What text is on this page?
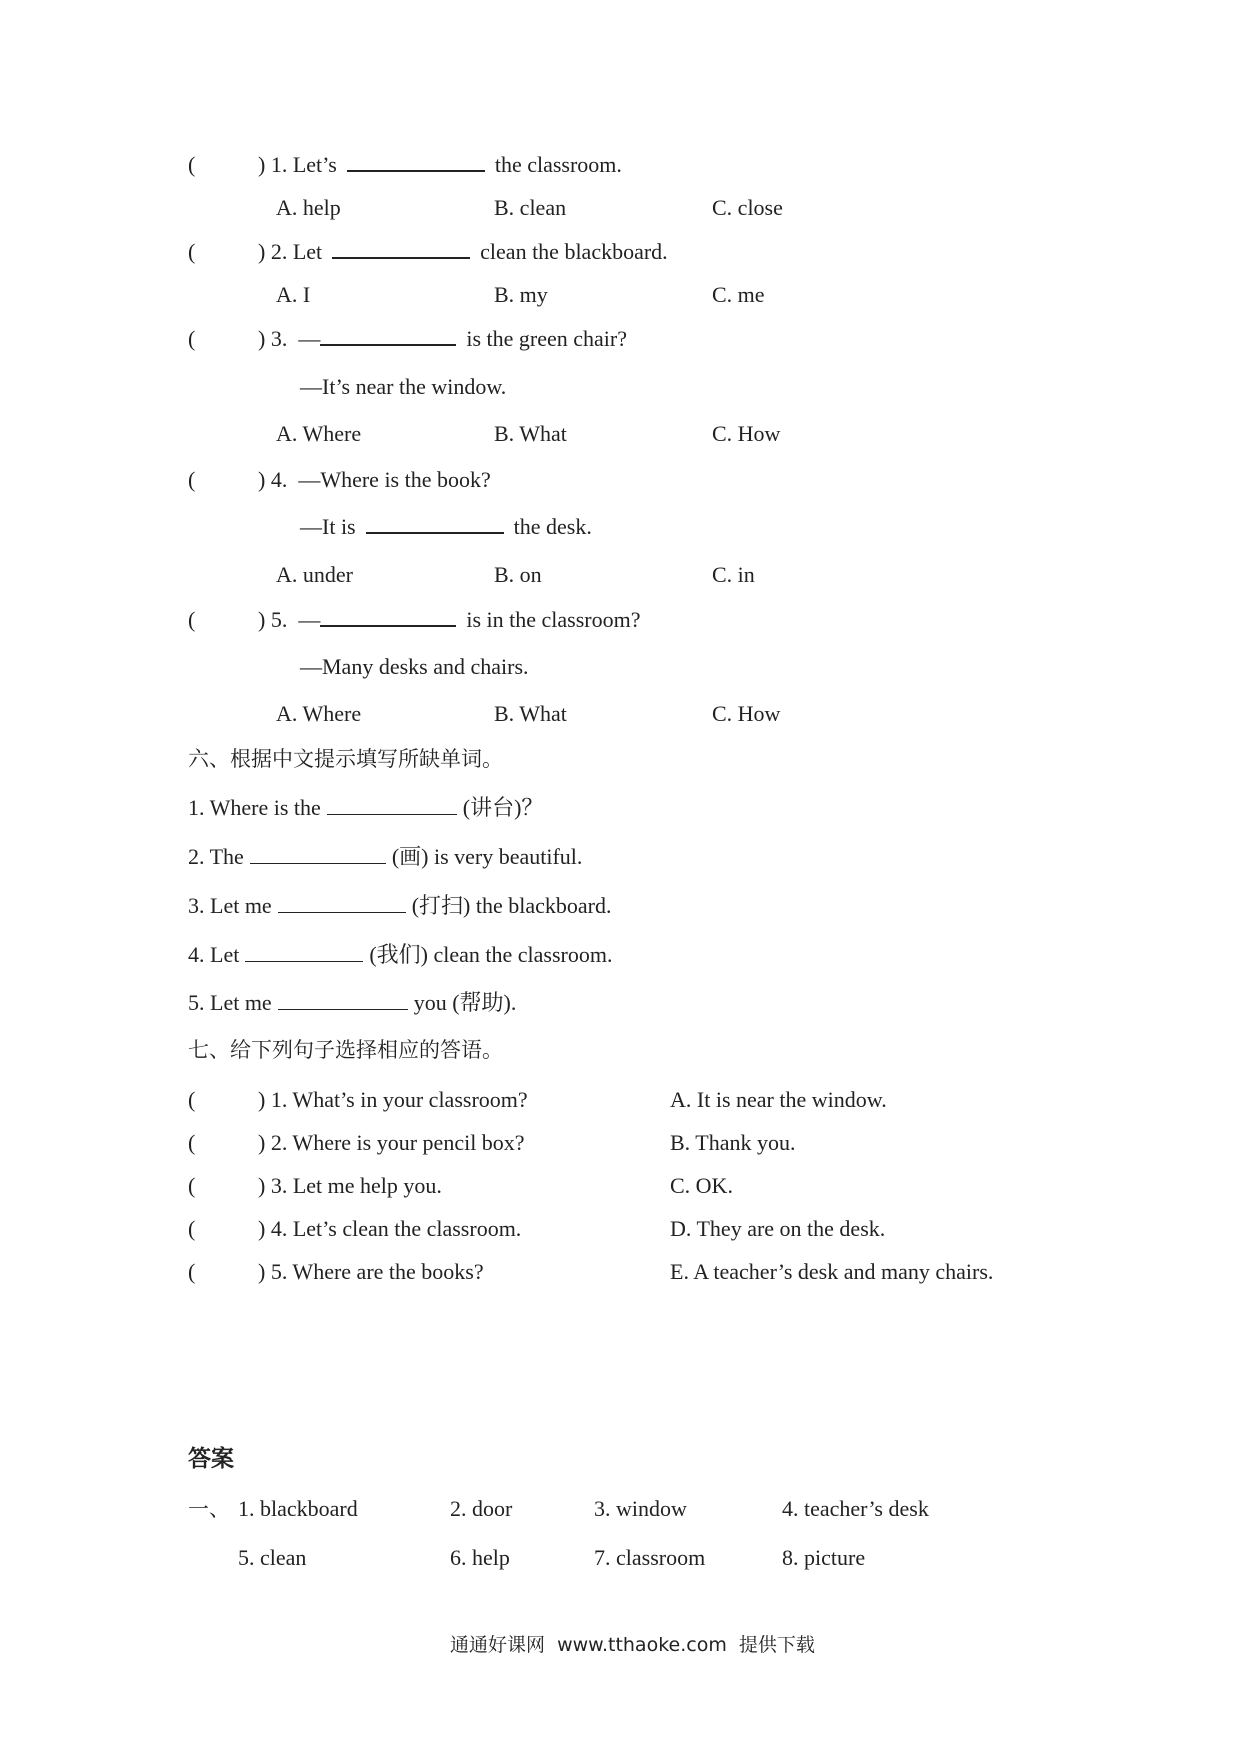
(	) 1. Let’s	the classroom.
A. help	B. clean	C. close
(	) 2. Let	clean the blackboard.
A. I	B. my	C. me
(	) 3.  —	is the green chair?
—It’s near the window.
A. Where	B. What	C. How
(	) 4.  —Where is the book?
—It is	the desk.
A. under	B. on	C. in
(	) 5.  —	is in the classroom?
—Many desks and chairs.
A. Where	B. What	C. How
六、根据中文提示填写所缺单词。
1. Where is the	(讲台)？
2. The	(画) is very beautiful.
3. Let me	(打扫) the blackboard.
4. Let	(我们) clean the classroom.
5. Let me	you (帮助).
七、给下列句子选择相应的答语。
(	) 1. What’s in your classroom?	A. It is near the window.
(	) 2. Where is your pencil box?	B. Thank you.
(	) 3. Let me help you.	C. OK.
(	) 4. Let’s clean the classroom.	D. They are on the desk.
(	) 5. Where are the books?	E. A teacher’s desk and many chairs.
答案
一、 1. blackboard	2. door	3. window	4. teacher’s desk
5. clean	6. help	7. classroom	8. picture
通通好课网  www.tthaoke.com  提供下载
